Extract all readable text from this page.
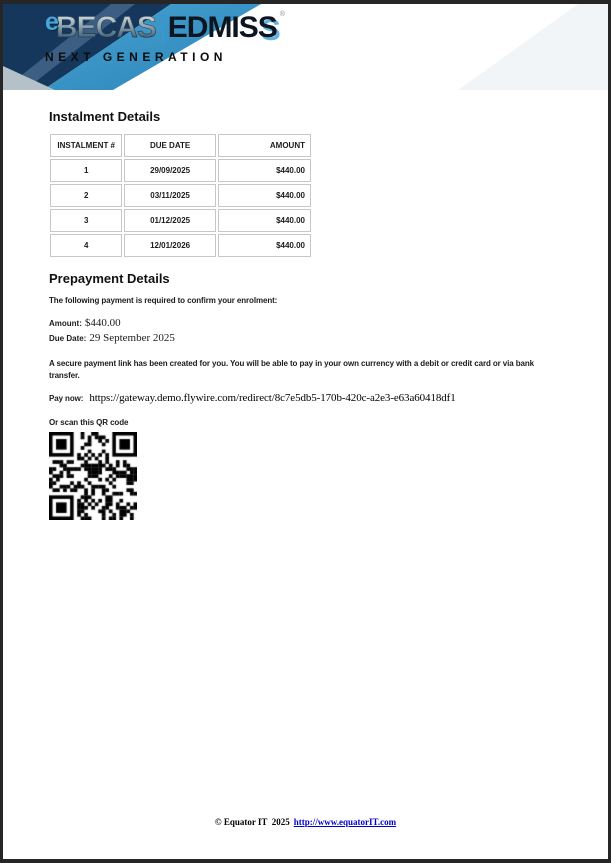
eBECAS |EDMISS ®
NEXT GENERATION
Instalment Details
INSTALMENT #	DUE DATE	AMOUNT
1	29/09/2025	$440.00
2	03/11/2025	$440.00
3	01/12/2025	$440.00
4	12/01/2026	$440.00
Prepayment Details

The following payment is required to confirm your enrolment:

Amount: $440.00
Due Date: 29 September 2025

A secure payment link has been created for you. You will be able to pay in your own currency with a debit or credit card or via bank transfer.

Pay now: https://gateway.demo.flywire.com/redirect/8c7e5db5-170b-420c-a2e3-e63a60418df1

Or scan this QR code

© Equator IT  2025 http://www.equatorIT.com
